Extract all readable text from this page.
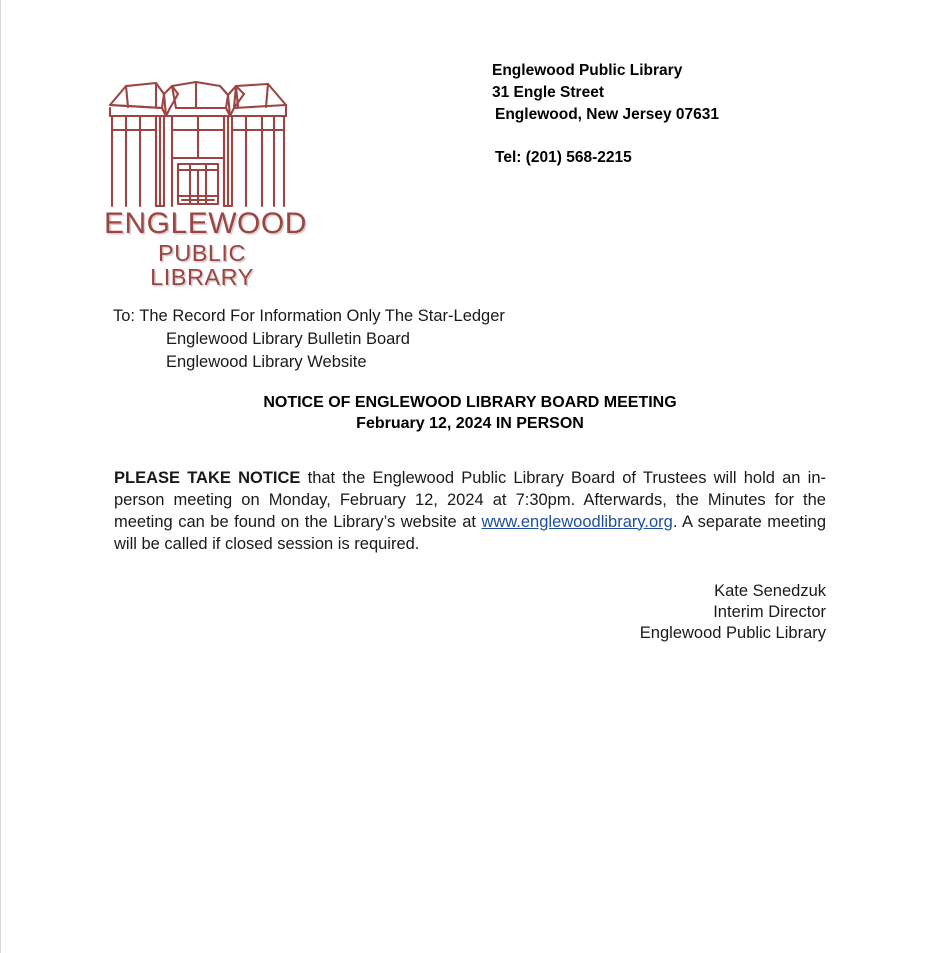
ENGLEWOOD
PUBLIC LIBRARY
Englewood Public Library
31 Engle Street
Englewood, New Jersey 07631
Tel: (201) 568-2215
To: The Record For Information Only The Star-Ledger
Englewood Library Bulletin Board
Englewood Library Website
NOTICE OF ENGLEWOOD LIBRARY BOARD MEETING
February 12, 2024 IN PERSON

PLEASE TAKE NOTICE that the Englewood Public Library Board of Trustees will hold an in-person meeting on Monday, February 12, 2024 at 7:30pm. Afterwards, the Minutes for the meeting can be found on the Library’s website at www.englewoodlibrary.org. A separate meeting will be called if closed session is required.

Kate Senedzuk
Interim Director
Englewood Public Library
